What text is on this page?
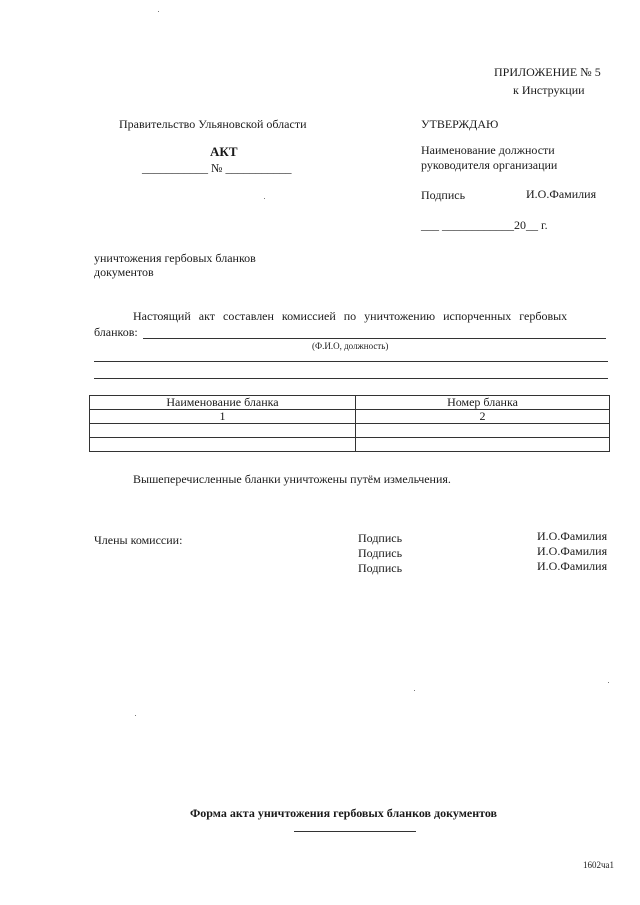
ПРИЛОЖЕНИЕ № 5
к Инструкции
Правительство Ульяновской области	УТВЕРЖДАЮ
Наименование должности
руководителя организации
Подпись	И.О.Фамилия
___ ____________20__ г.
АКТ
___________ № ___________
уничтожения гербовых бланков
документов
Настоящий акт составлен комиссией по уничтожению испорченных гербовых
бланков:
(Ф.И.О, должность)
Наименование бланка	Номер бланка
1	2

Вышеперечисленные бланки уничтожены путём измельчения.
Члены комиссии:	Подпись	И.О.Фамилия
Подпись	И.О.Фамилия
Подпись	И.О.Фамилия
Форма акта уничтожения гербовых бланков документов
1602ча1
